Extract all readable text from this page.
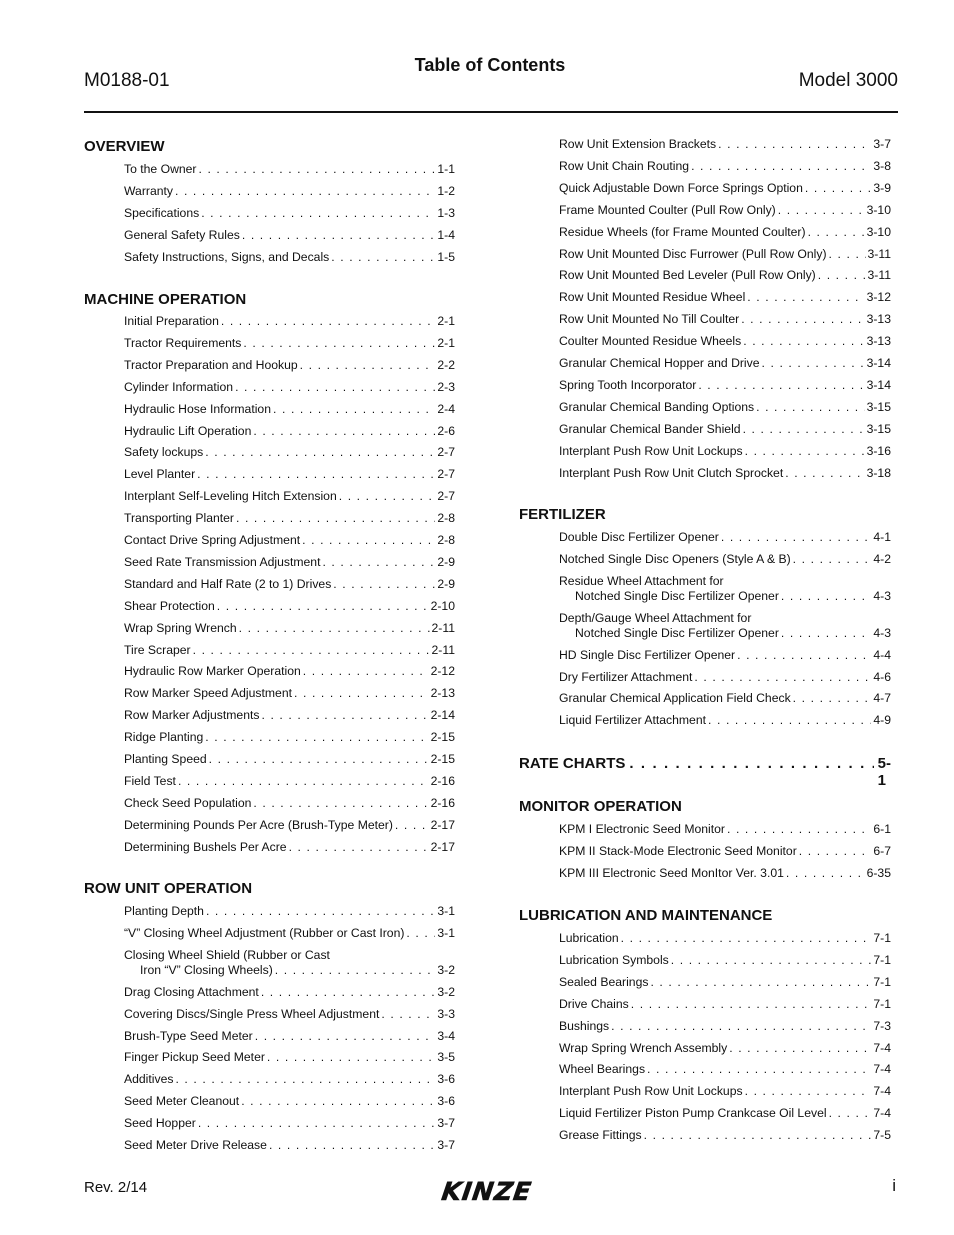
M0188-01
Table of Contents
Model 3000
OVERVIEW
To the Owner . . .	1-1
Warranty . . .	1-2
Specifications . . .	1-3
General Safety Rules . . .	1-4
Safety Instructions, Signs, and Decals . . .	1-5
MACHINE OPERATION
Initial Preparation . . .	2-1
Tractor Requirements . . .	2-1
Tractor Preparation and Hookup . . .	2-2
Cylinder Information . . .	2-3
Hydraulic Hose Information . . .	2-4
Hydraulic Lift Operation . . .	2-6
Safety lockups . . .	2-7
Level Planter . . .	2-7
Interplant Self-Leveling Hitch Extension . . .	2-7
Transporting Planter . . .	2-8
Contact Drive Spring Adjustment . . .	2-8
Seed Rate Transmission Adjustment . . .	2-9
Standard and Half Rate (2 to 1) Drives . . .	2-9
Shear Protection . . .	2-10
Wrap Spring Wrench . . .	2-11
Tire Scraper . . .	2-11
Hydraulic Row Marker Operation . . .	2-12
Row Marker Speed Adjustment . . .	2-13
Row Marker Adjustments . . .	2-14
Ridge Planting . . .	2-15
Planting Speed . . .	2-15
Field Test . . .	2-16
Check Seed Population . . .	2-16
Determining Pounds Per Acre (Brush-Type Meter) . . .	2-17
Determining Bushels Per Acre . . .	2-17
ROW UNIT OPERATION
Planting Depth . . .	3-1
“V” Closing Wheel Adjustment (Rubber or Cast Iron) . . .	3-1
Closing Wheel Shield (Rubber or Cast
Iron “V” Closing Wheels) . . .	3-2
Drag Closing Attachment . . .	3-2
Covering Discs/Single Press Wheel Adjustment . . .	3-3
Brush-Type Seed Meter . . .	3-4
Finger Pickup Seed Meter . . .	3-5
Additives . . .	3-6
Seed Meter Cleanout . . .	3-6
Seed Hopper . . .	3-7
Seed Meter Drive Release . . .	3-7
Row Unit Extension Brackets . . .	3-7
Row Unit Chain Routing . . .	3-8
Quick Adjustable Down Force Springs Option . . .	3-9
Frame Mounted Coulter (Pull Row Only) . . .	3-10
Residue Wheels (for Frame Mounted Coulter) . . .	3-10
Row Unit Mounted Disc Furrower (Pull Row Only) . . .	3-11
Row Unit Mounted Bed Leveler (Pull Row Only) . . .	3-11
Row Unit Mounted Residue Wheel . . .	3-12
Row Unit Mounted No Till Coulter . . .	3-13
Coulter Mounted Residue Wheels . . .	3-13
Granular Chemical Hopper and Drive . . .	3-14
Spring Tooth Incorporator . . .	3-14
Granular Chemical Banding Options . . .	3-15
Granular Chemical Bander Shield . . .	3-15
Interplant Push Row Unit Lockups . . .	3-16
Interplant Push Row Unit Clutch Sprocket . . .	3-18
FERTILIZER
Double Disc Fertilizer Opener . . .	4-1
Notched Single Disc Openers (Style A & B) . . .	4-2
Residue Wheel Attachment for
Notched Single Disc Fertilizer Opener . . .	4-3
Depth/Gauge Wheel Attachment for
Notched Single Disc Fertilizer Opener . . .	4-3
HD Single Disc Fertilizer Opener . . .	4-4
Dry Fertilizer Attachment . . .	4-6
Granular Chemical Application Field Check . . .	4-7
Liquid Fertilizer Attachment . . .	4-9
RATE CHARTS . . .	5-1
MONITOR OPERATION
KPM I Electronic Seed Monitor . . .	6-1
KPM II Stack-Mode Electronic Seed Monitor . . .	6-7
KPM III Electronic Seed MonItor Ver. 3.01 . . .	6-35
LUBRICATION AND MAINTENANCE
Lubrication . . .	7-1
Lubrication Symbols . . .	7-1
Sealed Bearings . . .	7-1
Drive Chains . . .	7-1
Bushings . . .	7-3
Wrap Spring Wrench Assembly . . .	7-4
Wheel Bearings . . .	7-4
Interplant Push Row Unit Lockups . . .	7-4
Liquid Fertilizer Piston Pump Crankcase Oil Level . . .	7-4
Grease Fittings . . .	7-5
Rev. 2/14	KINZE	i
